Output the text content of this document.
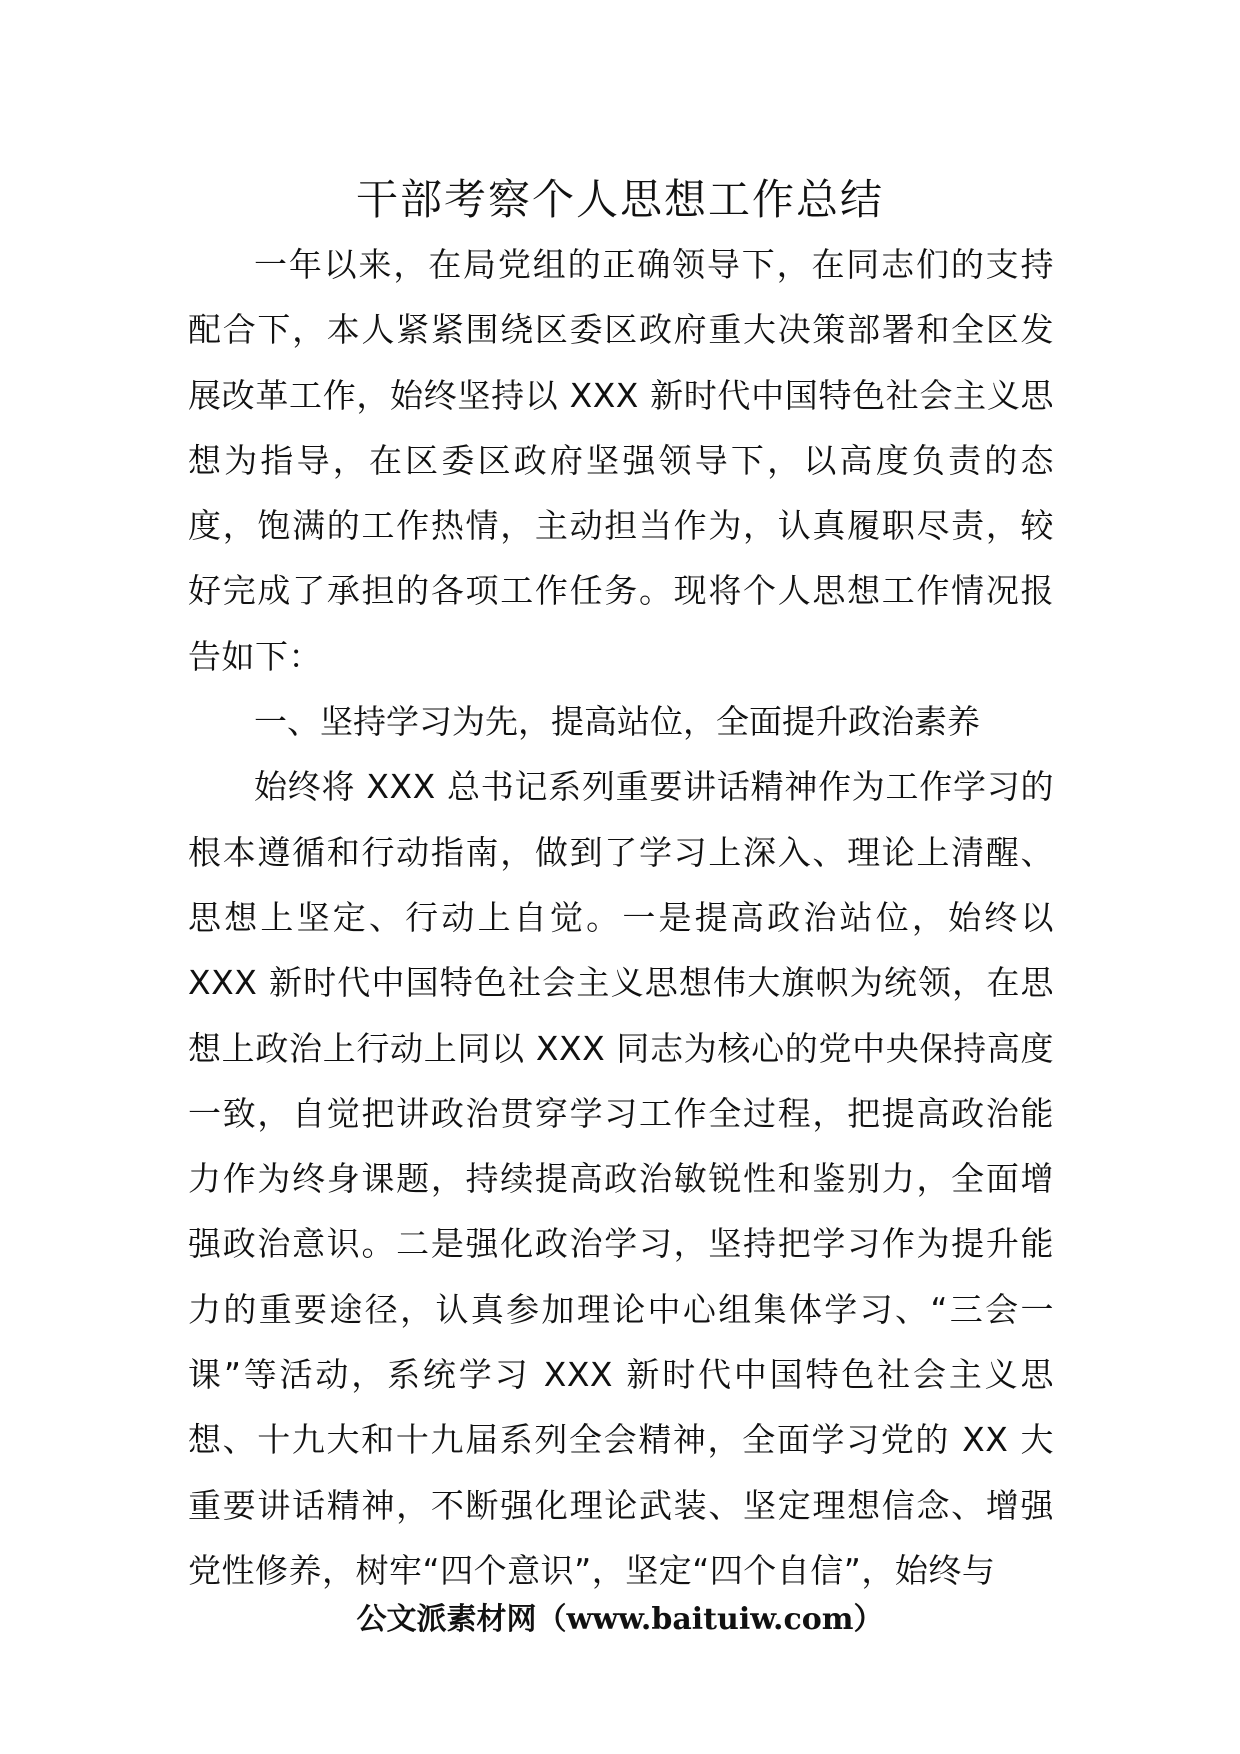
干部考察个人思想工作总结

一年以来，在局党组的正确领导下，在同志们的支持配合下，本人紧紧围绕区委区政府重大决策部署和全区发展改革工作，始终坚持以 XXX 新时代中国特色社会主义思想为指导，在区委区政府坚强领导下，以高度负责的态度，饱满的工作热情，主动担当作为，认真履职尽责，较好完成了承担的各项工作任务。现将个人思想工作情况报告如下：

一、坚持学习为先，提高站位，全面提升政治素养

始终将 XXX 总书记系列重要讲话精神作为工作学习的根本遵循和行动指南，做到了学习上深入、理论上清醒、思想上坚定、行动上自觉。一是提高政治站位，始终以 XXX 新时代中国特色社会主义思想伟大旗帜为统领，在思想上政治上行动上同以 XXX 同志为核心的党中央保持高度一致，自觉把讲政治贯穿学习工作全过程，把提高政治能力作为终身课题，持续提高政治敏锐性和鉴别力，全面增强政治意识。二是强化政治学习，坚持把学习作为提升能力的重要途径，认真参加理论中心组集体学习、“三会一课”等活动，系统学习 XXX 新时代中国特色社会主义思想、十九大和十九届系列全会精神，全面学习党的 XX 大重要讲话精神，不断强化理论武装、坚定理想信念、增强党性修养，树牢“四个意识”，坚定“四个自信”，始终与

公文派素材网（www.baituiw.com）
